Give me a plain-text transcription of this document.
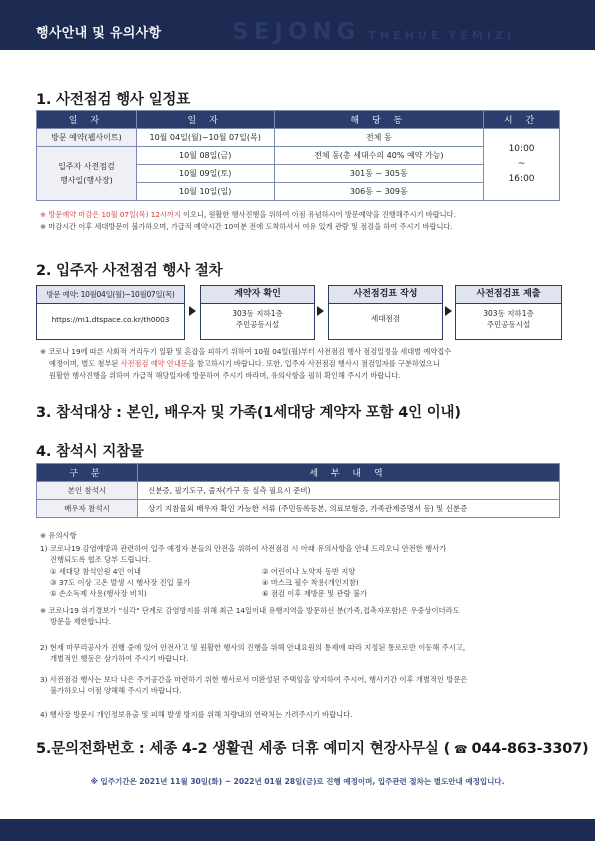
행사안내 및 유의사항	SEJONG THEHUE YEMIZI
1. 사전점검 행사 일정표
일 자	일 자	해 당 동	시 간
방문 예약(웹사이트)	10월 04일(월)~10월 07일(목)	전체 동	10:00
~
16:00
입주자 사전점검
행사일(행사장)	10월 08일(금)	전체 동(총 세대수의 40% 예약 가능)	
	10월 09일(토)	301동 ~ 305동	
	10월 10일(일)	306동 ~ 309동	
※ 방문예약 마감은 10월 07일(목) 12시까지 이오니, 원활한 행사진행을 위하여 이점 유념하시어 방문예약을 진행해주시기 바랍니다.
※ 마감시간 이후 세대방문이 불가하오며, 가급적 예약시간 10여분 전에 도착하셔서 여유 있게 관람 및 점검을 하여 주시기 바랍니다.
2. 입주자 사전점검 행사 절차
방문 예약: 10월04일(월)~10월07일(목)
https://m1.dtspace.co.kr/th0003
계약자 확인
303동 지하1층
주민공동시설
사전점검표 작성
세대점검
사전점검표 제출
303동 지하1층
주민공동시설
※ 코로나 19에 따른 사회적 거리두기 일환 및 혼잡을 피하기 위하여 10월 04일(월)부터 사전점검 행사 점검일정을 세대별 예약접수
예정이며, 별도 첨부된 사전점검 예약 안내문을 참고하시기 바랍니다. 또한, 입주자 사전점검 행사시 점검일자를 구분하였으니
원활한 행사진행을 위하여 가급적 해당일자에 방문하여 주시기 바라며, 유의사항을 필히 확인해 주시기 바랍니다.
3. 참석대상 : 본인, 배우자 및 가족(1세대당 계약자 포함 4인 이내)
4. 참석시 지참물
구 분	세 부 내 역
본인 참석시	신분증, 필기도구, 줄자(가구 등 실측 필요시 준비)
배우자 참석시	상기 지참물외 배우자 확인 가능한 서류 (주민등록등본, 의료보험증, 가족관계증명서 등) 및 신분증
※ 유의사항
1) 코로나19 감염예방과 관련하여 입주 예정자 분들의 안전을 위하여 사전점검 시 아래 유의사항을 안내 드리오니 안전한 행사가
진행되도록 협조 당부 드립니다.
① 세대당 참석인원 4인 이내	② 어린이나 노약자 동반 지양
③ 37도 이상 고온 발생 시 행사장 진입 불가	④ 마스크 필수 착용(개인지참)
⑤ 손소독제 사용(행사장 비치)	⑥ 점검 이후 재방문 및 관람 불가
※ 코로나19 위기경보가 "심각" 단계로 감염방지를 위해 최근 14일이내 유행지역을 방문하신 분(가족,접촉자포함)은 우중상이더라도
방문을 제한합니다.
2) 현재 마무리공사가 진행 중에 있어 안전사고 및 원활한 행사의 진행을 위해 안내요원의 통제에 따라 지정된 통로로만 이동해 주시고,
개별적인 행동은 삼가하여 주시기 바랍니다.
3) 사전점검 행사는 보다 나은 주거공간을 마련하기 위한 행사로서 미완성된 주택임을 양지하여 주시어, 행사기간 이후 개별적인 방문은
불가하오니 이점 양해해 주시기 바랍니다.
4) 행사장 방문시 개인정보유출 및 피해 발생 방지를 위해 차량내의 연락처는 가려주시기 바랍니다.
5.문의전화번호 : 세종 4-2 생활권 세종 더휴 예미지 현장사무실 ( ☎ 044-863-3307)
※ 입주기간은 2021년 11월 30일(화) ~ 2022년 01월 28일(금)로 진행 예정이며, 입주관련 절차는 별도안내 예정입니다.
